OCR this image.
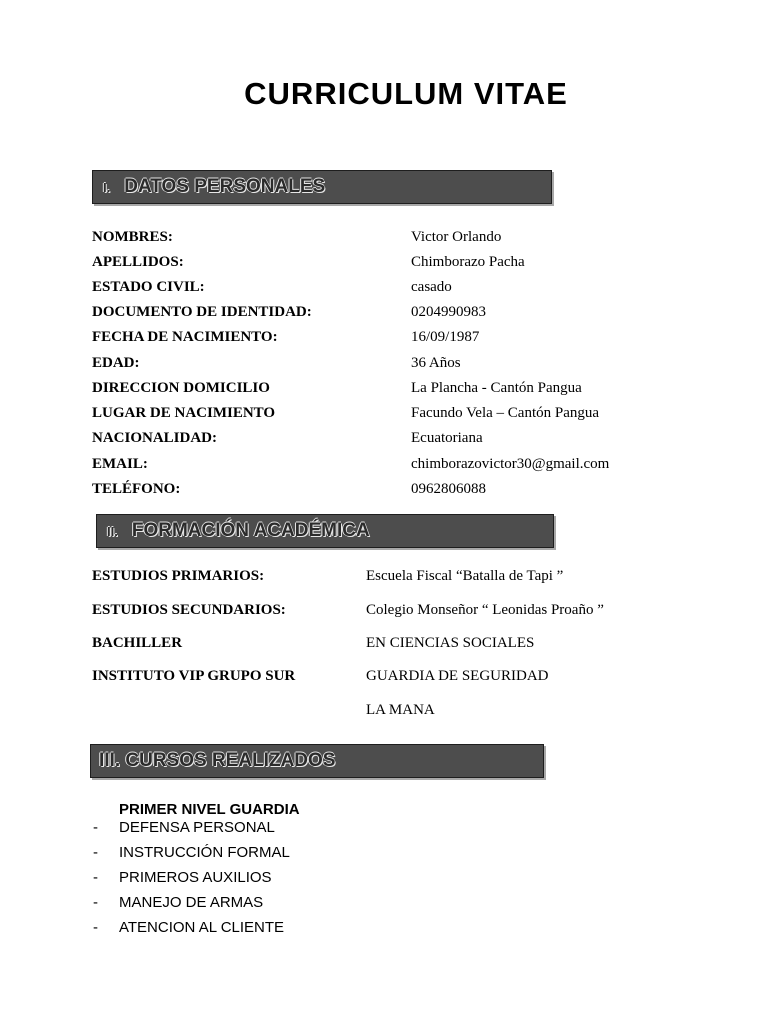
CURRICULUM VITAE
I. DATOS PERSONALES
NOMBRES:	Victor Orlando
APELLIDOS:	Chimborazo Pacha
ESTADO CIVIL:	casado
DOCUMENTO DE IDENTIDAD:	0204990983
FECHA DE NACIMIENTO:	16/09/1987
EDAD:	36 Años
DIRECCION DOMICILIO	La Plancha - Cantón Pangua
LUGAR DE NACIMIENTO	Facundo Vela – Cantón Pangua
NACIONALIDAD:	Ecuatoriana
EMAIL:	chimborazovictor30@gmail.com
TELÉFONO:	0962806088
II. FORMACIÓN ACADÉMICA
ESTUDIOS PRIMARIOS:	Escuela Fiscal “Batalla de Tapi ”
ESTUDIOS SECUNDARIOS:	Colegio Monseñor “ Leonidas Proaño ”
BACHILLER	EN CIENCIAS SOCIALES
INSTITUTO VIP GRUPO SUR	GUARDIA DE SEGURIDAD
LA MANA
III. CURSOS REALIZADOS
PRIMER NIVEL GUARDIA
- DEFENSA PERSONAL
- INSTRUCCIÓN FORMAL
- PRIMEROS AUXILIOS
- MANEJO DE ARMAS
- ATENCION AL CLIENTE
